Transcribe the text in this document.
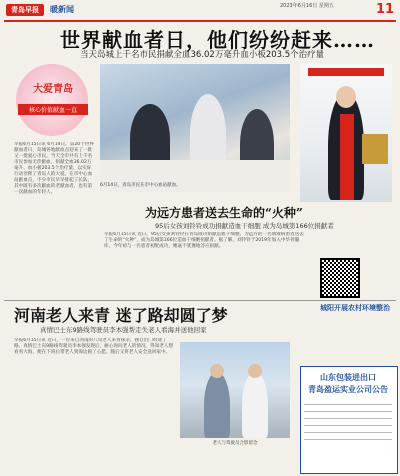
青岛早报	暖新闻	2023年6月16日 星期五	11
世界献血者日，他们纷纷赶来……
当天岛城上千名市民捐献全血36.02万毫升血小板203.5个治疗量
大爱青岛
核心价值献血一直

早报6月15日讯 6月14日，第20个世界献血者日，岛城各地献血点迎来了一批又一批爱心市民。当天全市共有上千名市民参加无偿献血，捐献全血36.02万毫升、血小板203.5个治疗量，以实际行动诠释了青岛人的大爱。在市中心血站献血点，不少市民早早排起了长队，其中既有多次献血的老献血者，也有第一次献血的年轻人。

6月14日，青岛市民在市中心血站献血。
为远方患者送去生命的“火种”
95后女孩刘铃铃成功捐献造血干细胞 成为岛城第166位捐献者

早报6月15日讯 近日，95后女孩刘铃铃在青岛成功捐献造血干细胞，为远方的一名血液病患者送去了生命的“火种”，成为岛城第166位造血干细胞捐献者。据了解，刘铃铃于2019年加入中华骨髓库，今年初与一名患者初配成功，她毫不犹豫地答应捐献。

河南老人来青 迷了路却圆了梦
真情巴士东9路线驾驶员李本强帮走失老人看海并送他回家

早报6月15日讯 近日，一位来自河南的八旬老人来青探亲，独自出门时迷了路。真情巴士东9路线驾驶员李本强发现后，耐心询问老人的情况，得知老人想看看大海，便在下班后带老人到海边圆了心愿，随后又将老人安全送回家中。

老人与驾驶员合影留念
城阳开展农村环境整治
山东包装进出口
青岛盈运实业公司公告
